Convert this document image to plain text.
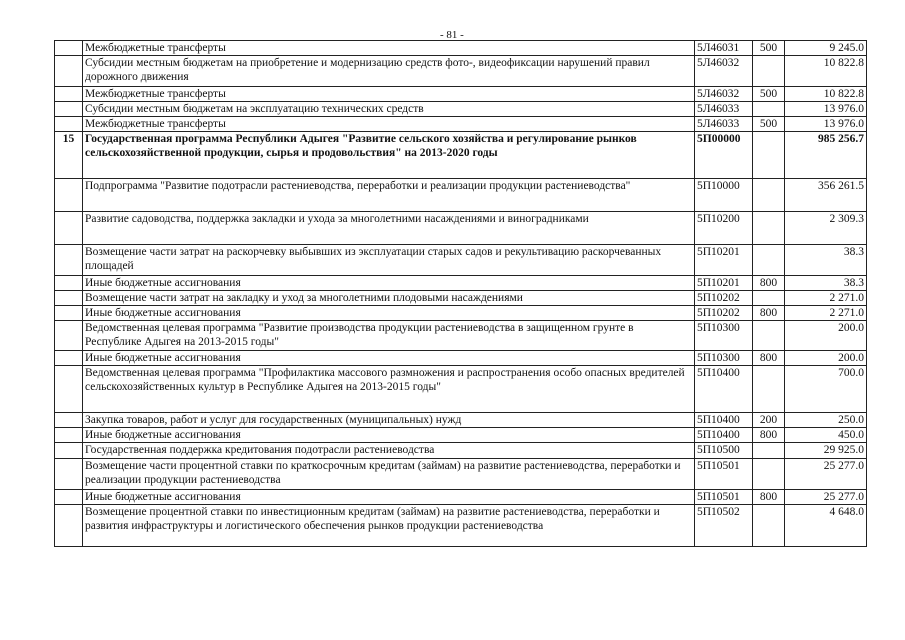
- 81 -
	Межбюджетные трансферты	5Л46031	500	9 245.0
	Субсидии местным бюджетам на приобретение и модернизацию средств фото-, видеофиксации нарушений правил дорожного движения	5Л46032		10 822.8
	Межбюджетные трансферты	5Л46032	500	10 822.8
	Субсидии местным бюджетам на эксплуатацию технических средств	5Л46033		13 976.0
	Межбюджетные трансферты	5Л46033	500	13 976.0
15	Государственная программа Республики Адыгея "Развитие сельского хозяйства и регулирование рынков сельскохозяйственной продукции, сырья и продовольствия" на 2013-2020 годы	5П00000		985 256.7
	Подпрограмма "Развитие подотрасли растениеводства, переработки и реализации продукции растениеводства"	5П10000		356 261.5
	Развитие садоводства, поддержка закладки и ухода за многолетними насаждениями и виноградниками	5П10200		2 309.3
	Возмещение части затрат на раскорчевку выбывших из эксплуатации старых садов и рекультивацию раскорчеванных площадей	5П10201		38.3
	Иные бюджетные ассигнования	5П10201	800	38.3
	Возмещение части затрат на закладку и уход за многолетними плодовыми насаждениями	5П10202		2 271.0
	Иные бюджетные ассигнования	5П10202	800	2 271.0
	Ведомственная целевая программа "Развитие производства продукции растениеводства в защищенном грунте в Республике Адыгея на 2013-2015 годы"	5П10300		200.0
	Иные бюджетные ассигнования	5П10300	800	200.0
	Ведомственная целевая программа "Профилактика массового размножения и распространения особо опасных вредителей сельскохозяйственных культур в Республике Адыгея на 2013-2015 годы"	5П10400		700.0
	Закупка товаров, работ и услуг для государственных (муниципальных) нужд	5П10400	200	250.0
	Иные бюджетные ассигнования	5П10400	800	450.0
	Государственная поддержка кредитования подотрасли растениеводства	5П10500		29 925.0
	Возмещение части процентной ставки по краткосрочным кредитам (займам) на развитие растениеводства, переработки и реализации продукции растениеводства	5П10501		25 277.0
	Иные бюджетные ассигнования	5П10501	800	25 277.0
	Возмещение процентной ставки по инвестиционным кредитам (займам) на развитие растениеводства, переработки и развития инфраструктуры и логистического обеспечения рынков продукции растениеводства	5П10502		4 648.0
